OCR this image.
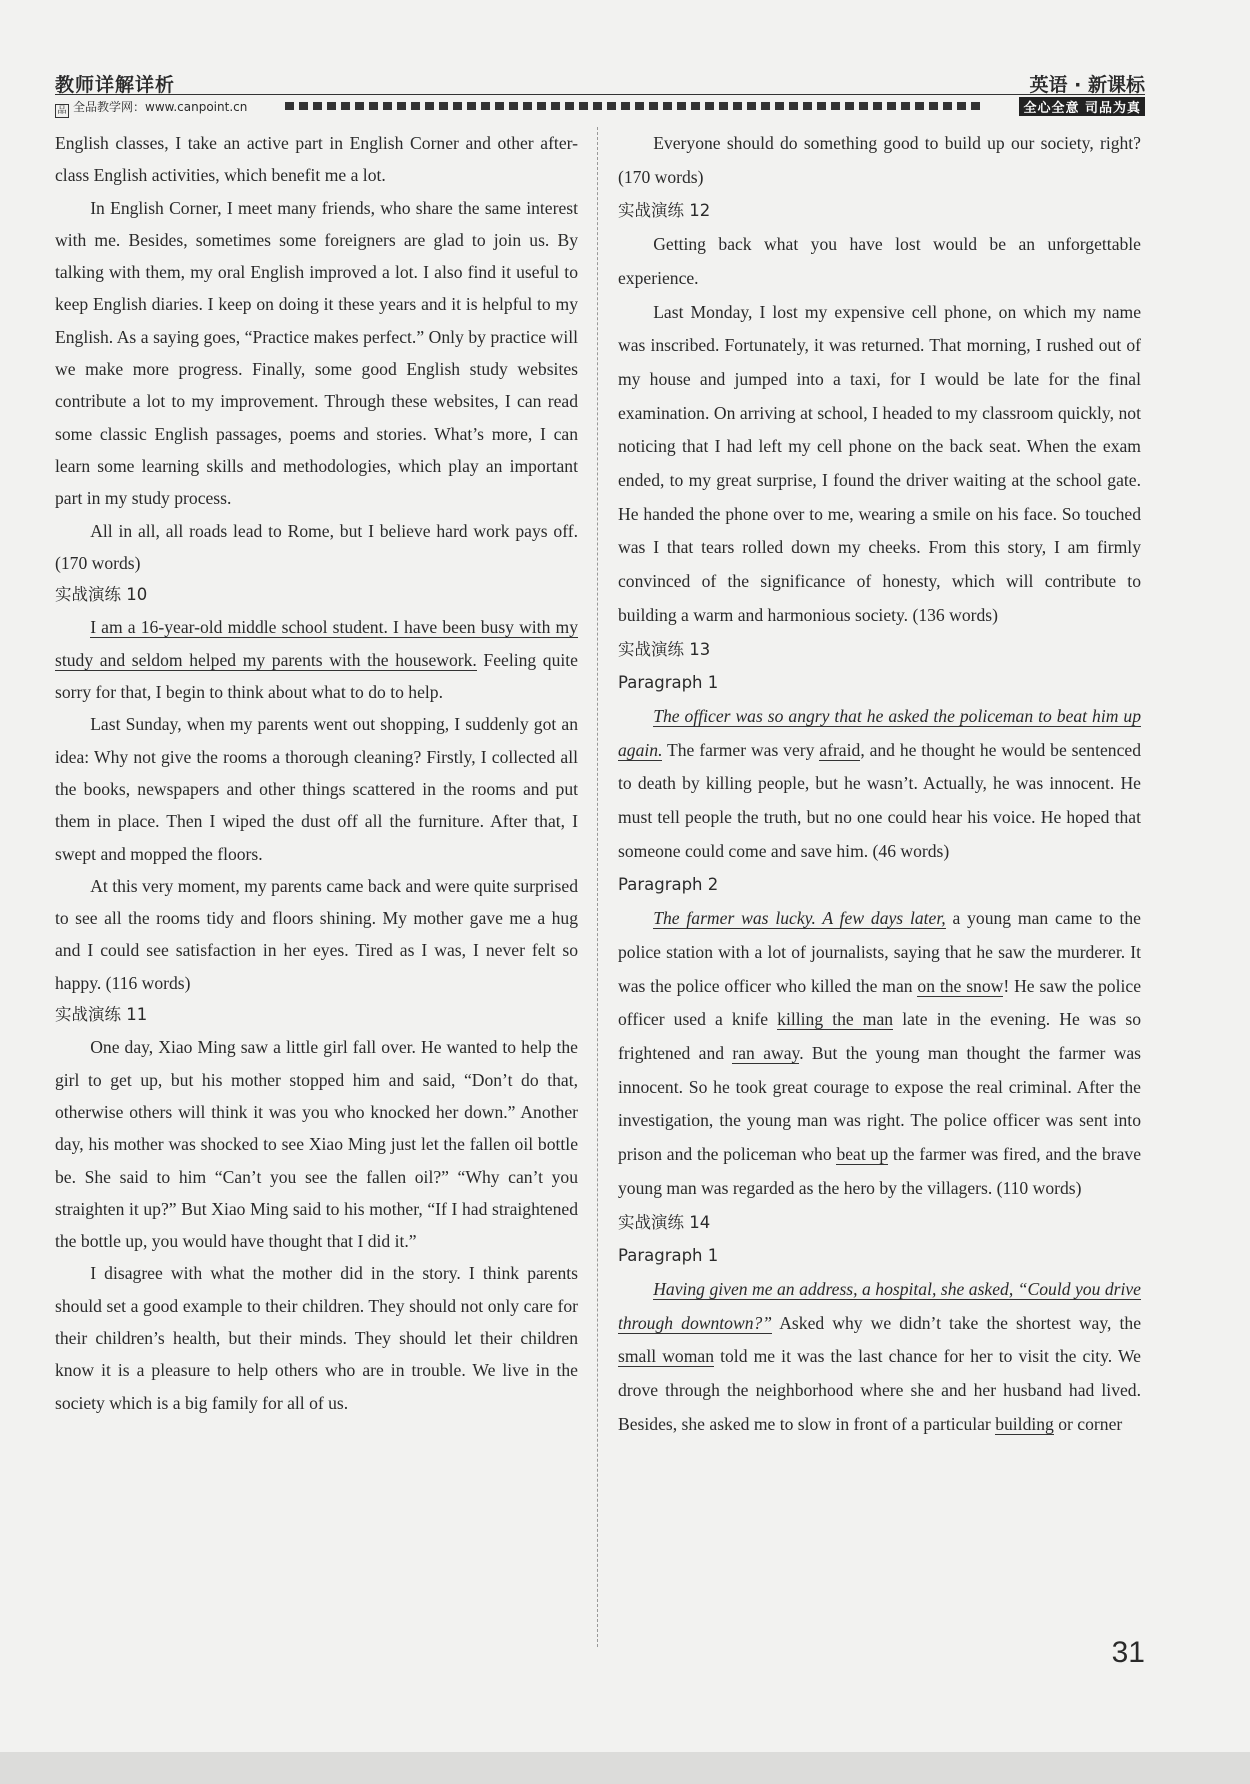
教师详解详析	英语 · 新课标
品 全品教学网：www.canpoint.cn	全心全意 司品为真

English classes, I take an active part in English Corner and other after-class English activities, which benefit me a lot.

In English Corner, I meet many friends, who share the same interest with me. Besides, sometimes some foreigners are glad to join us. By talking with them, my oral English improved a lot. I also find it useful to keep English diaries. I keep on doing it these years and it is helpful to my English. As a saying goes, “Practice makes perfect.” Only by practice will we make more progress. Finally, some good English study websites contribute a lot to my improvement. Through these websites, I can read some classic English passages, poems and stories. What’s more, I can learn some learning skills and methodologies, which play an important part in my study process.

All in all, all roads lead to Rome, but I believe hard work pays off. (170 words)

实战演练 10

I am a 16-year-old middle school student. I have been busy with my study and seldom helped my parents with the housework. Feeling quite sorry for that, I begin to think about what to do to help.

Last Sunday, when my parents went out shopping, I suddenly got an idea: Why not give the rooms a thorough cleaning? Firstly, I collected all the books, newspapers and other things scattered in the rooms and put them in place. Then I wiped the dust off all the furniture. After that, I swept and mopped the floors.

At this very moment, my parents came back and were quite surprised to see all the rooms tidy and floors shining. My mother gave me a hug and I could see satisfaction in her eyes. Tired as I was, I never felt so happy. (116 words)

实战演练 11

One day, Xiao Ming saw a little girl fall over. He wanted to help the girl to get up, but his mother stopped him and said, “Don’t do that, otherwise others will think it was you who knocked her down.” Another day, his mother was shocked to see Xiao Ming just let the fallen oil bottle be. She said to him “Can’t you see the fallen oil?” “Why can’t you straighten it up?” But Xiao Ming said to his mother, “If I had straightened the bottle up, you would have thought that I did it.”

I disagree with what the mother did in the story. I think parents should set a good example to their children. They should not only care for their children’s health, but their minds. They should let their children know it is a pleasure to help others who are in trouble. We live in the society which is a big family for all of us.

Everyone should do something good to build up our society, right? (170 words)

实战演练 12

Getting back what you have lost would be an unforgettable experience.

Last Monday, I lost my expensive cell phone, on which my name was inscribed. Fortunately, it was returned. That morning, I rushed out of my house and jumped into a taxi, for I would be late for the final examination. On arriving at school, I headed to my classroom quickly, not noticing that I had left my cell phone on the back seat. When the exam ended, to my great surprise, I found the driver waiting at the school gate. He handed the phone over to me, wearing a smile on his face. So touched was I that tears rolled down my cheeks. From this story, I am firmly convinced of the significance of honesty, which will contribute to building a warm and harmonious society. (136 words)

实战演练 13
Paragraph 1

The officer was so angry that he asked the policeman to beat him up again. The farmer was very afraid, and he thought he would be sentenced to death by killing people, but he wasn’t. Actually, he was innocent. He must tell people the truth, but no one could hear his voice. He hoped that someone could come and save him. (46 words)

Paragraph 2

The farmer was lucky. A few days later, a young man came to the police station with a lot of journalists, saying that he saw the murderer. It was the police officer who killed the man on the snow! He saw the police officer used a knife killing the man late in the evening. He was so frightened and ran away. But the young man thought the farmer was innocent. So he took great courage to expose the real criminal. After the investigation, the young man was right. The police officer was sent into prison and the policeman who beat up the farmer was fired, and the brave young man was regarded as the hero by the villagers. (110 words)

实战演练 14
Paragraph 1

Having given me an address, a hospital, she asked, “Could you drive through downtown?” Asked why we didn’t take the shortest way, the small woman told me it was the last chance for her to visit the city. We drove through the neighborhood where she and her husband had lived. Besides, she asked me to slow in front of a particular building or corner

31
